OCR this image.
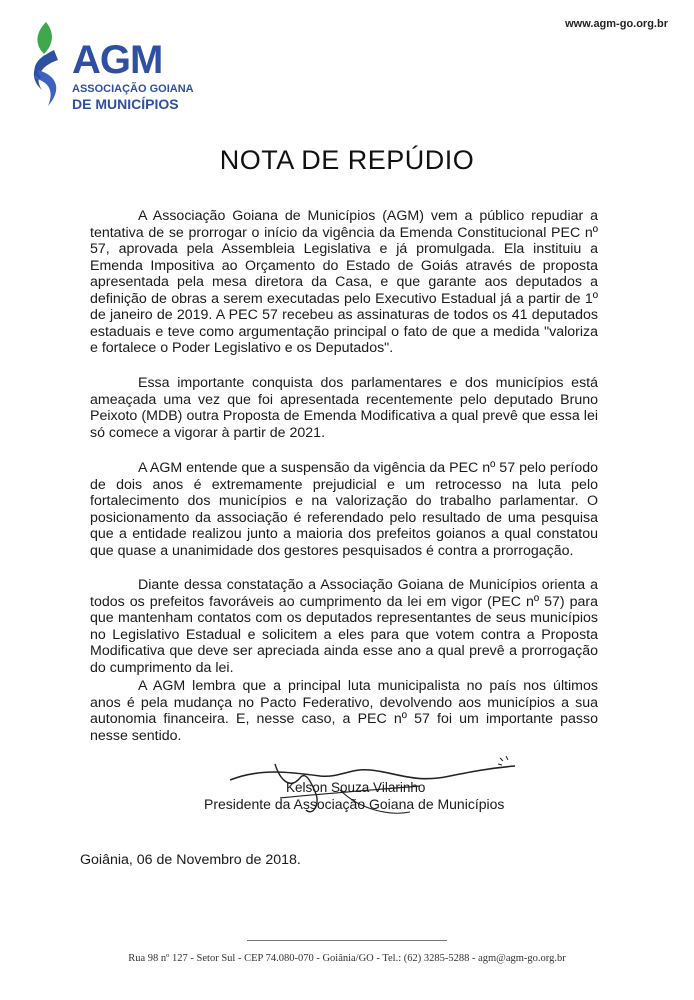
AGM
ASSOCIAÇÃO GOIANA
DE MUNICÍPIOS
www.agm-go.org.br
NOTA DE REPÚDIO

A Associação Goiana de Municípios (AGM) vem a público repudiar a tentativa de se prorrogar o início da vigência da Emenda Constitucional PEC nº 57, aprovada pela Assembleia Legislativa e já promulgada. Ela instituiu a Emenda Impositiva ao Orçamento do Estado de Goiás através de proposta apresentada pela mesa diretora da Casa, e que garante aos deputados a definição de obras a serem executadas pelo Executivo Estadual já a partir de 1º de janeiro de 2019. A PEC 57 recebeu as assinaturas de todos os 41 deputados estaduais e teve como argumentação principal o fato de que a medida "valoriza e fortalece o Poder Legislativo e os Deputados".

Essa importante conquista dos parlamentares e dos municípios está ameaçada uma vez que foi apresentada recentemente pelo deputado Bruno Peixoto (MDB) outra Proposta de Emenda Modificativa a qual prevê que essa lei só comece a vigorar à partir de 2021.

A AGM entende que a suspensão da vigência da PEC nº 57 pelo período de dois anos é extremamente prejudicial e um retrocesso na luta pelo fortalecimento dos municípios e na valorização do trabalho parlamentar. O posicionamento da associação é referendado pelo resultado de uma pesquisa que a entidade realizou junto a maioria dos prefeitos goianos a qual constatou que quase a unanimidade dos gestores pesquisados é contra a prorrogação.

Diante dessa constatação a Associação Goiana de Municípios orienta a todos os prefeitos favoráveis ao cumprimento da lei em vigor (PEC nº 57) para que mantenham contatos com os deputados representantes de seus municípios no Legislativo Estadual e solicitem a eles para que votem contra a Proposta Modificativa que deve ser apreciada ainda esse ano a qual prevê a prorrogação do cumprimento da lei.

A AGM lembra que a principal luta municipalista no país nos últimos anos é pela mudança no Pacto Federativo, devolvendo aos municípios a sua autonomia financeira. E, nesse caso, a PEC nº 57 foi um importante passo nesse sentido.

Kelson Souza Vilarinho
Presidente da Associação Goiana de Municípios
Goiânia, 06 de Novembro de 2018.
Rua 98 nº 127 - Setor Sul - CEP 74.080-070 - Goiânia/GO - Tel.: (62) 3285-5288 - agm@agm-go.org.br
